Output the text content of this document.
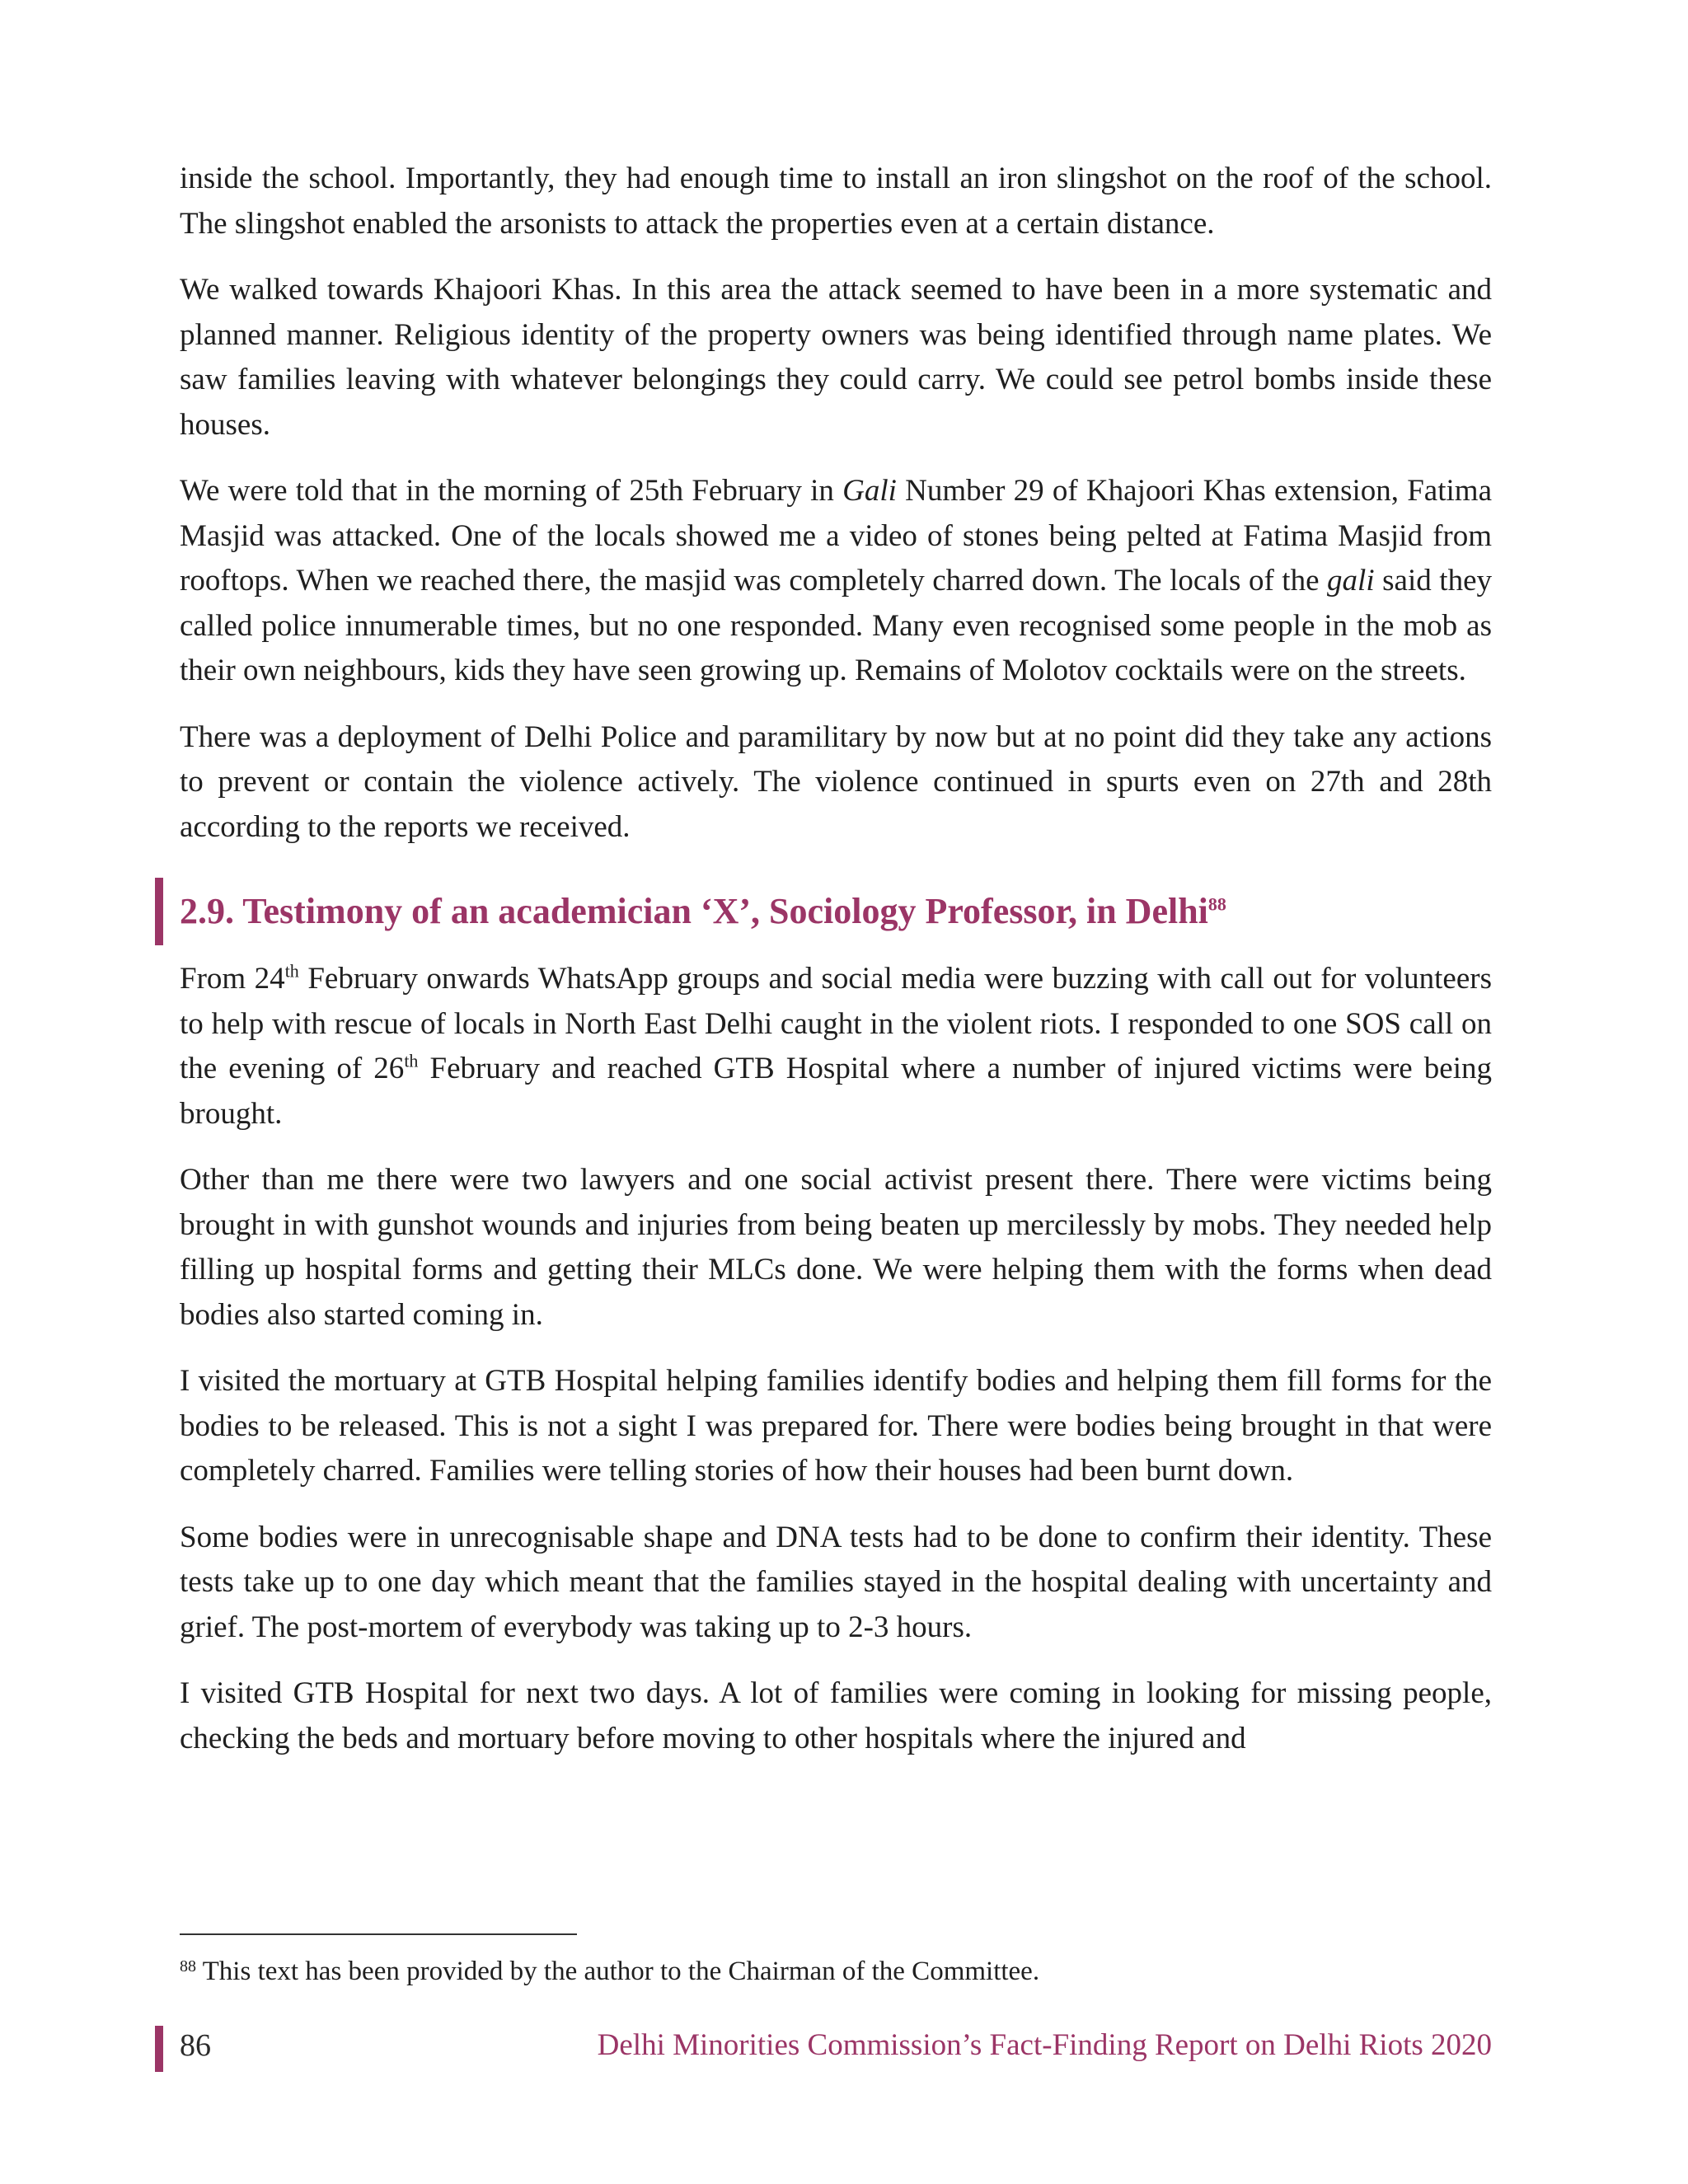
inside the school. Importantly, they had enough time to install an iron slingshot on the roof of the school. The slingshot enabled the arsonists to attack the properties even at a certain distance.

We walked towards Khajoori Khas. In this area the attack seemed to have been in a more systematic and planned manner. Religious identity of the property owners was being identified through name plates. We saw families leaving with whatever belongings they could carry. We could see petrol bombs inside these houses.

We were told that in the morning of 25th February in Gali Number 29 of Khajoori Khas extension, Fatima Masjid was attacked. One of the locals showed me a video of stones being pelted at Fatima Masjid from rooftops. When we reached there, the masjid was completely charred down. The locals of the gali said they called police innumerable times, but no one responded. Many even recognised some people in the mob as their own neighbours, kids they have seen growing up. Remains of Molotov cocktails were on the streets.

There was a deployment of Delhi Police and paramilitary by now but at no point did they take any actions to prevent or contain the violence actively. The violence continued in spurts even on 27th and 28th according to the reports we received.

2.9. Testimony of an academician ‘X’, Sociology Professor, in Delhi$^{88}$

From 24th February onwards WhatsApp groups and social media were buzzing with call out for volunteers to help with rescue of locals in North East Delhi caught in the violent riots. I responded to one SOS call on the evening of 26th February and reached GTB Hospital where a number of injured victims were being brought.

Other than me there were two lawyers and one social activist present there. There were victims being brought in with gunshot wounds and injuries from being beaten up mercilessly by mobs. They needed help filling up hospital forms and getting their MLCs done. We were helping them with the forms when dead bodies also started coming in.

I visited the mortuary at GTB Hospital helping families identify bodies and helping them fill forms for the bodies to be released. This is not a sight I was prepared for. There were bodies being brought in that were completely charred. Families were telling stories of how their houses had been burnt down.

Some bodies were in unrecognisable shape and DNA tests had to be done to confirm their identity. These tests take up to one day which meant that the families stayed in the hospital dealing with uncertainty and grief. The post-mortem of everybody was taking up to 2-3 hours.

I visited GTB Hospital for next two days. A lot of families were coming in looking for missing people, checking the beds and mortuary before moving to other hospitals where the injured and

$^{88}$ This text has been provided by the author to the Chairman of the Committee.
86	Delhi Minorities Commission’s Fact-Finding Report on Delhi Riots 2020
